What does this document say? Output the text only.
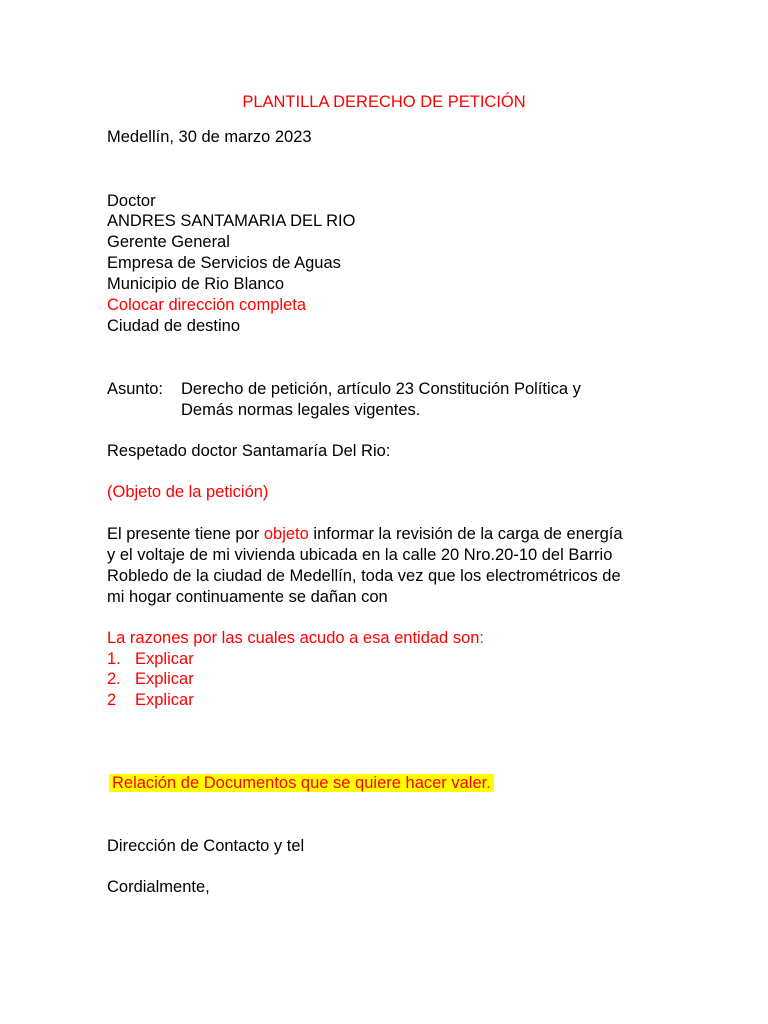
PLANTILLA DERECHO DE PETICIÓN
Medellín, 30 de marzo 2023
Doctor
ANDRES SANTAMARIA DEL RIO
Gerente General
Empresa de Servicios de Aguas
Municipio de Rio Blanco
Colocar dirección completa
Ciudad de destino
Asunto: Derecho de petición, artículo 23 Constitución Política y
Demás normas legales vigentes.
Respetado doctor Santamaría Del Rio:
(Objeto de la petición)
El presente tiene por objeto informar la revisión de la carga de energía
y el voltaje de mi vivienda ubicada en la calle 20 Nro.20-10 del Barrio
Robledo de la ciudad de Medellín, toda vez que los electrométricos de
mi hogar continuamente se dañan con
La razones por las cuales acudo a esa entidad son:
1. Explicar
2. Explicar
2 Explicar
Relación de Documentos que se quiere hacer valer.
Dirección de Contacto y tel
Cordialmente,
